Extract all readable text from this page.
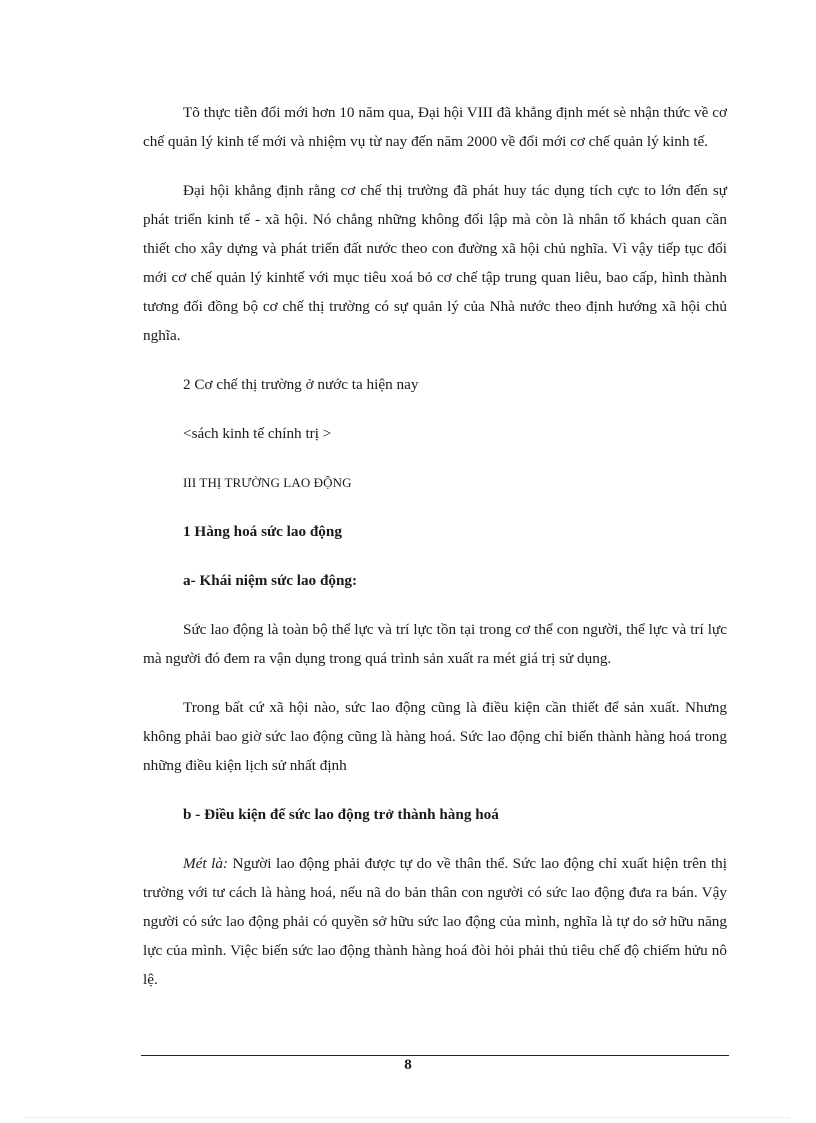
Tõ thực tiễn đổi mới hơn 10 năm qua, Đại hội VIII đã khẳng định mét sè nhận thức về cơ chế quản lý kinh tế mới và nhiệm vụ từ nay đến năm 2000 về đổi mới cơ chế quản lý kinh tế.

Đại hội khẳng định rằng cơ chế thị trường đã phát huy tác dụng tích cực to lớn đến sự phát triển kinh tế - xã hội. Nó chẳng những không đối lập mà còn là nhân tố khách quan cần thiết cho xây dựng và phát triển đất nước theo con đường xã hội chủ nghĩa. Vì vậy tiếp tục đổi mới cơ chế quản lý kinhtế với mục tiêu xoá bỏ cơ chế tập trung quan liêu, bao cấp, hình thành tương đối đồng bộ cơ chế thị trường có sự quản lý của Nhà nước theo định hướng xã hội chủ nghĩa.

2 Cơ chế thị trường ở nước ta hiện nay

<sách kinh tế chính trị >

III THỊ TRƯỜNG LAO ĐỘNG

1 Hàng hoá sức lao động

a- Khái niệm sức lao động:

Sức lao động là toàn bộ thể lực và trí lực tồn tại trong cơ thể con người, thể lực và trí lực mà người đó đem ra vận dụng trong quá trình sản xuất ra mét giá trị sử dụng.

Trong bất cứ xã hội nào, sức lao động cũng là điều kiện cần thiết để sản xuất. Nhưng không phải bao giờ sức lao động cũng là hàng hoá. Sức lao động chỉ biến thành hàng hoá trong những điều kiện lịch sử nhất định

b - Điều kiện để sức lao động trở thành hàng hoá

Mét là: Người lao động phải được tự do về thân thể. Sức lao động chỉ xuất hiện trên thị trường với tư cách là hàng hoá, nếu nã do bản thân con người có sức lao động đưa ra bán. Vậy người có sức lao động phải có quyền sở hữu sức lao động của mình, nghĩa là tự do sở hữu năng lực của mình. Việc biến sức lao động thành hàng hoá đòi hỏi phải thủ tiêu chế độ chiếm hửu nô lệ.

8
